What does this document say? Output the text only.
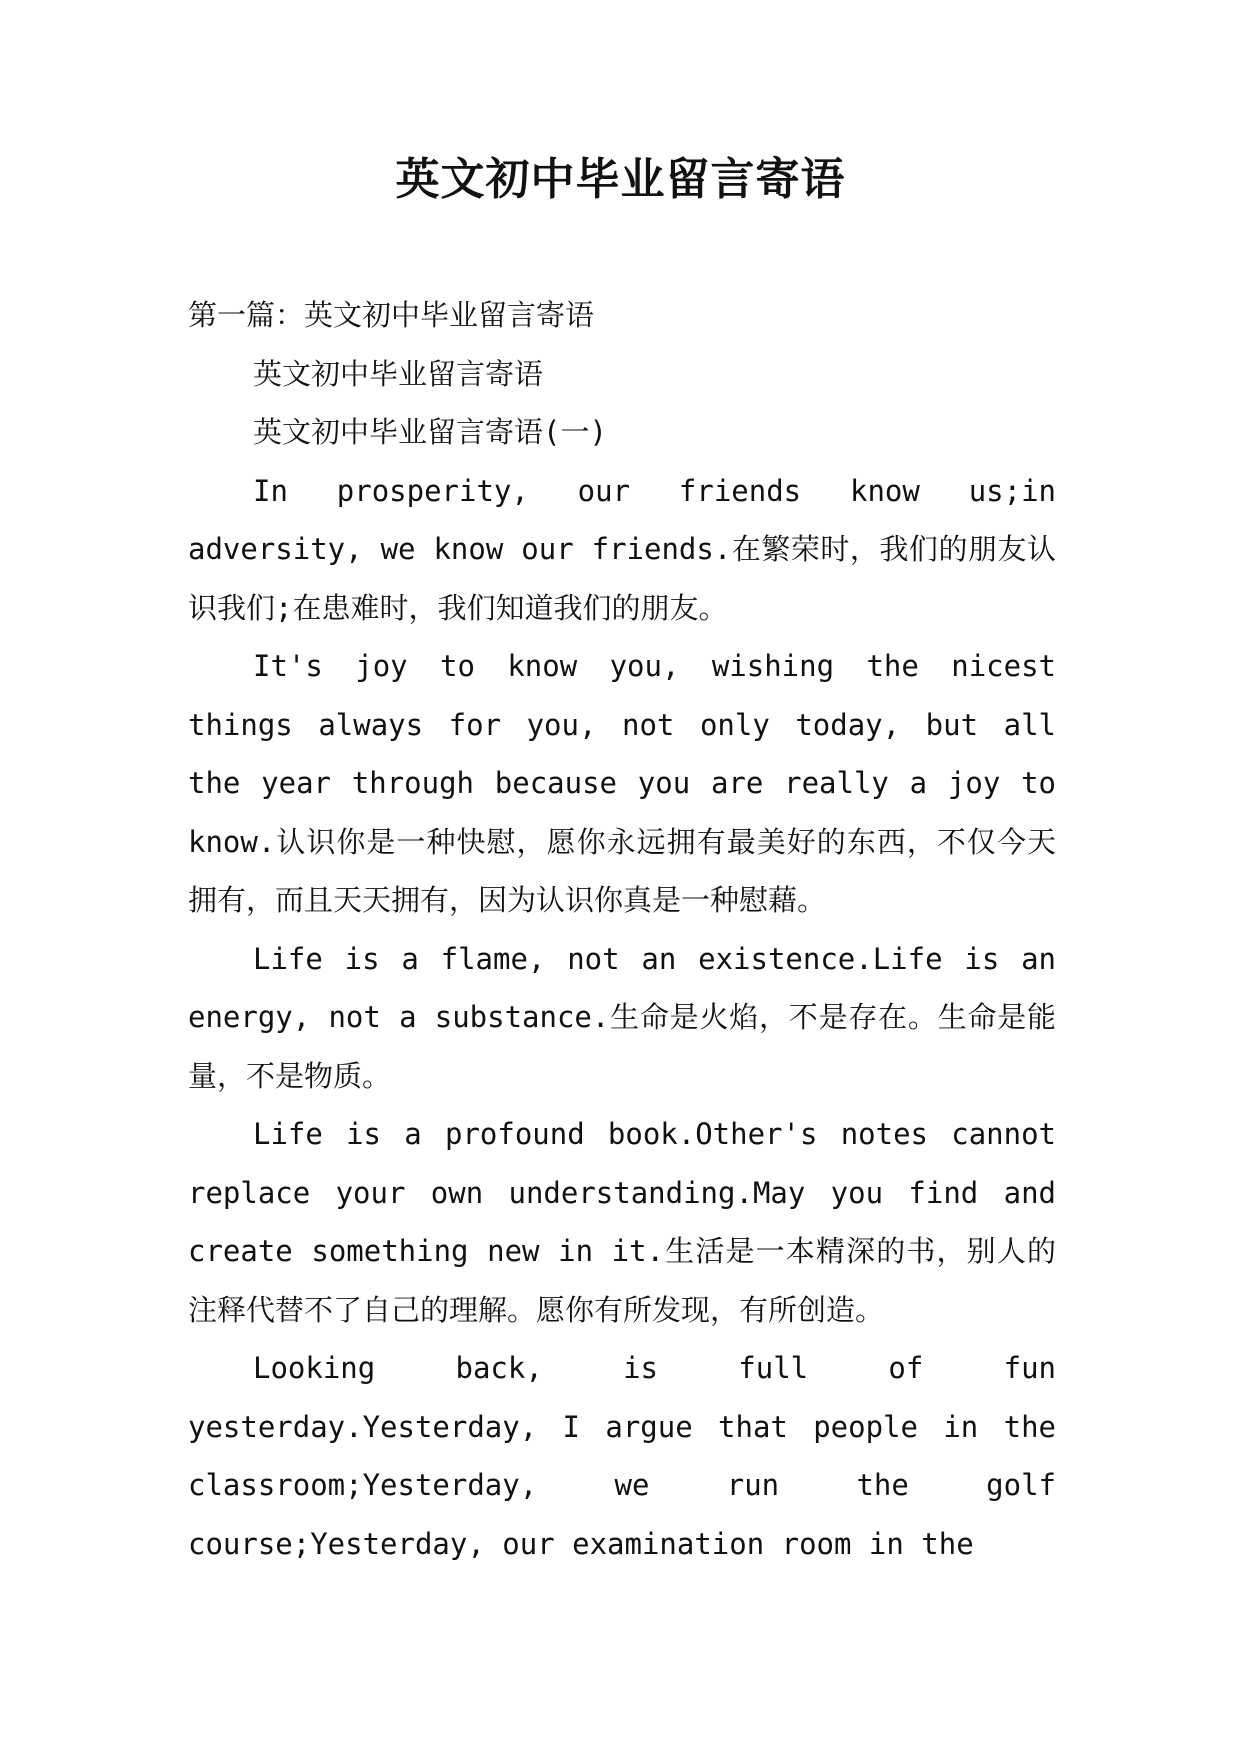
英文初中毕业留言寄语

第一篇：英文初中毕业留言寄语

英文初中毕业留言寄语

英文初中毕业留言寄语(一)

In prosperity, our friends know us;in adversity, we know our friends.在繁荣时，我们的朋友认识我们;在患难时，我们知道我们的朋友。

It's joy to know you, wishing the nicest things always for you, not only today, but all the year through because you are really a joy to know.认识你是一种快慰，愿你永远拥有最美好的东西，不仅今天拥有，而且天天拥有，因为认识你真是一种慰藉。

Life is a flame, not an existence.Life is an energy, not a substance.生命是火焰，不是存在。生命是能量，不是物质。

Life is a profound book.Other's notes cannot replace your own understanding.May you find and create something new in it.生活是一本精深的书，别人的注释代替不了自己的理解。愿你有所发现，有所创造。

Looking back, is full of fun yesterday.Yesterday, I argue that people in the classroom;Yesterday, we run the golf course;Yesterday, our examination room in the
